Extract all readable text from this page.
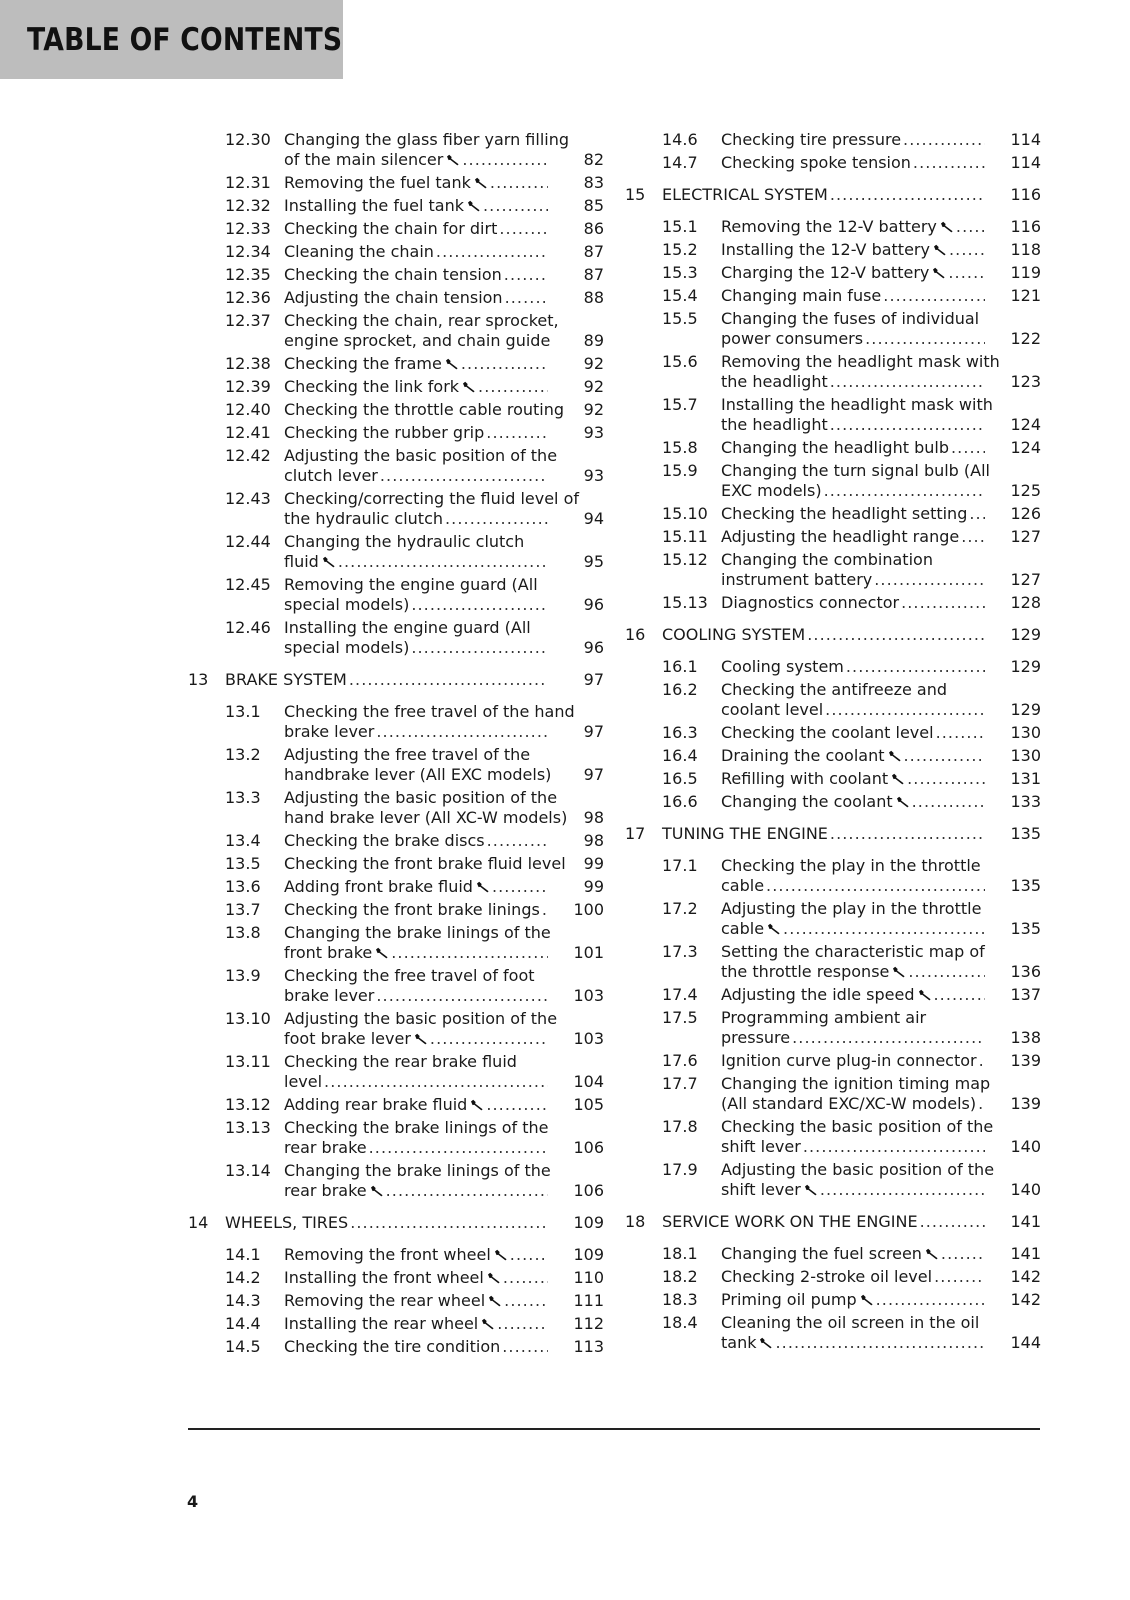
TABLE OF CONTENTS
12.30 Changing the glass fiber yarn filling
of the main silencer . . .	82
12.31 Removing the fuel tank . . .	83
12.32 Installing the fuel tank . . .	85
12.33 Checking the chain for dirt . . .	86
12.34 Cleaning the chain . . .	87
12.35 Checking the chain tension . . .	87
12.36 Adjusting the chain tension . . .	88
12.37 Checking the chain, rear sprocket,
engine sprocket, and chain guide	89
12.38 Checking the frame . . .	92
12.39 Checking the link fork . . .	92
12.40 Checking the throttle cable routing	92
12.41 Checking the rubber grip . . .	93
12.42 Adjusting the basic position of the
clutch lever . . .	93
12.43 Checking/correcting the fluid level of
the hydraulic clutch . . .	94
12.44 Changing the hydraulic clutch
fluid . . .	95
12.45 Removing the engine guard (All
special models) . . .	96
12.46 Installing the engine guard (All
special models) . . .	96
13 BRAKE SYSTEM . . .	97
13.1 Checking the free travel of the hand
brake lever . . .	97
13.2 Adjusting the free travel of the
handbrake lever (All EXC models)	97
13.3 Adjusting the basic position of the
hand brake lever (All XC-W models)	98
13.4 Checking the brake discs . . .	98
13.5 Checking the front brake fluid level	99
13.6 Adding front brake fluid . . .	99
13.7 Checking the front brake linings . . .	100
13.8 Changing the brake linings of the
front brake . . .	101
13.9 Checking the free travel of foot
brake lever . . .	103
13.10 Adjusting the basic position of the
foot brake lever . . .	103
13.11 Checking the rear brake fluid
level . . .	104
13.12 Adding rear brake fluid . . .	105
13.13 Checking the brake linings of the
rear brake . . .	106
13.14 Changing the brake linings of the
rear brake . . .	106
14 WHEELS, TIRES . . .	109
14.1 Removing the front wheel . . .	109
14.2 Installing the front wheel . . .	110
14.3 Removing the rear wheel . . .	111
14.4 Installing the rear wheel . . .	112
14.5 Checking the tire condition . . .	113
14.6 Checking tire pressure . . .	114
14.7 Checking spoke tension . . .	114
15 ELECTRICAL SYSTEM . . .	116
15.1 Removing the 12-V battery . . .	116
15.2 Installing the 12-V battery . . .	118
15.3 Charging the 12-V battery . . .	119
15.4 Changing main fuse . . .	121
15.5 Changing the fuses of individual
power consumers . . .	122
15.6 Removing the headlight mask with
the headlight . . .	123
15.7 Installing the headlight mask with
the headlight . . .	124
15.8 Changing the headlight bulb . . .	124
15.9 Changing the turn signal bulb (All
EXC models) . . .	125
15.10 Checking the headlight setting . . .	126
15.11 Adjusting the headlight range . . .	127
15.12 Changing the combination
instrument battery . . .	127
15.13 Diagnostics connector . . .	128
16 COOLING SYSTEM . . .	129
16.1 Cooling system . . .	129
16.2 Checking the antifreeze and
coolant level . . .	129
16.3 Checking the coolant level . . .	130
16.4 Draining the coolant . . .	130
16.5 Refilling with coolant . . .	131
16.6 Changing the coolant . . .	133
17 TUNING THE ENGINE . . .	135
17.1 Checking the play in the throttle
cable . . .	135
17.2 Adjusting the play in the throttle
cable . . .	135
17.3 Setting the characteristic map of
the throttle response . . .	136
17.4 Adjusting the idle speed . . .	137
17.5 Programming ambient air
pressure . . .	138
17.6 Ignition curve plug-in connector . . .	139
17.7 Changing the ignition timing map
(All standard EXC/XC-W models) . . .	139
17.8 Checking the basic position of the
shift lever . . .	140
17.9 Adjusting the basic position of the
shift lever . . .	140
18 SERVICE WORK ON THE ENGINE . . .	141
18.1 Changing the fuel screen . . .	141
18.2 Checking 2-stroke oil level . . .	142
18.3 Priming oil pump . . .	142
18.4 Cleaning the oil screen in the oil
tank . . .	144
4
